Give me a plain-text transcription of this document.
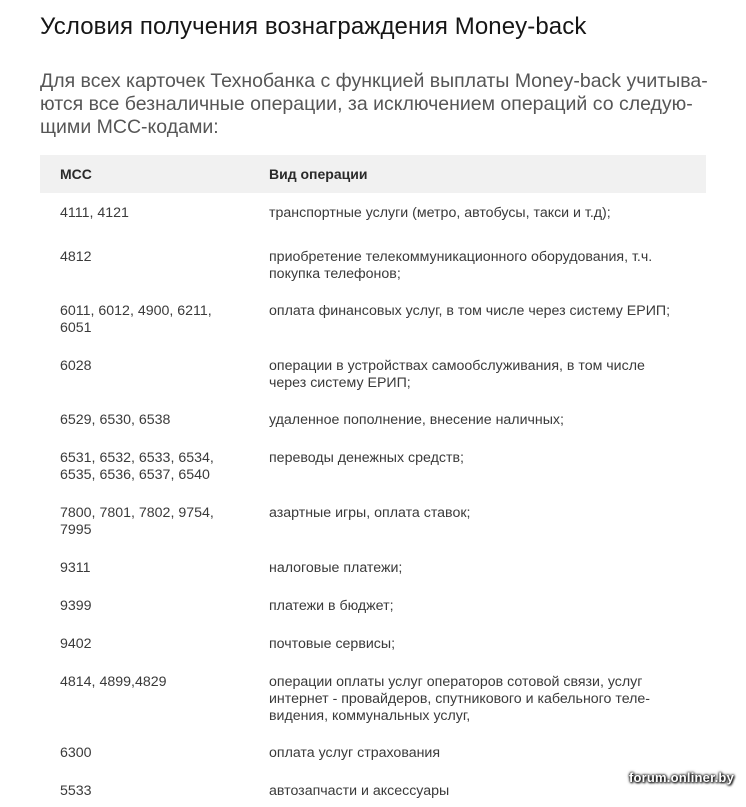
Условия получения вознаграждения Money-back

Для всех карточек Технобанка с функцией выплаты Money-back учитыва-
ются все безналичные операции, за исключением операций со следую-
щими МСС-кодами:

MCC	Вид операции

4111, 4121	транспортные услуги (метро, автобусы, такси и т.д);

4812	приобретение телекоммуникационного оборудования, т.ч.
покупка телефонов;

6011, 6012, 4900, 6211,
6051	оплата финансовых услуг, в том числе через систему ЕРИП;

6028	операции в устройствах самообслуживания, в том числе
через систему ЕРИП;

6529, 6530, 6538	удаленное пополнение, внесение наличных;

6531, 6532, 6533, 6534,
6535, 6536, 6537, 6540	переводы денежных средств;

7800, 7801, 7802, 9754,
7995	азартные игры, оплата ставок;

9311	налоговые платежи;

9399	платежи в бюджет;

9402	почтовые сервисы;

4814, 4899,4829	операции оплаты услуг операторов сотовой связи, услуг
интернет - провайдеров, спутникового и кабельного теле-
видения, коммунальных услуг,

6300	оплата услуг страхования

5533	автозапчасти и аксессуары
forum.onliner.by
